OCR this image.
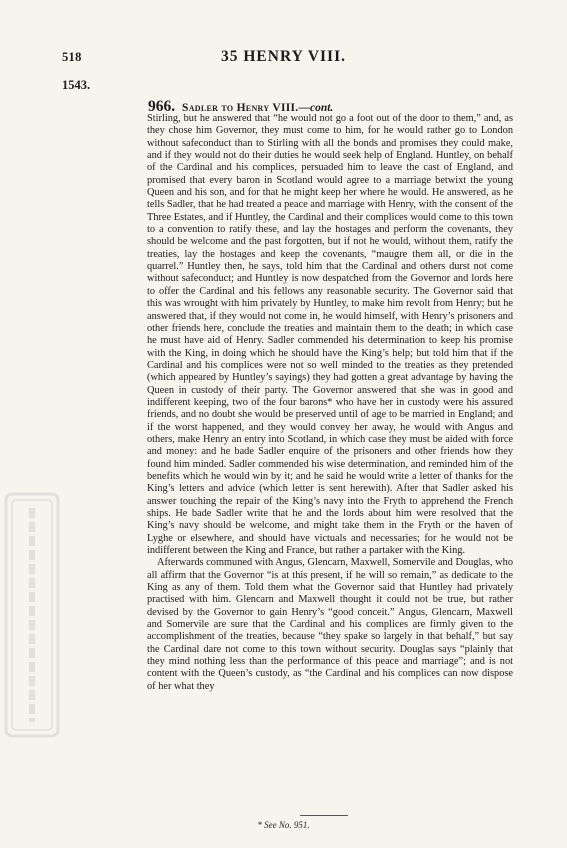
518	35 HENRY VIII.
1543.
966. Sadler to Henry VIII.—cont.

Stirling, but he answered that “he would not go a foot out of the door to them,” and, as they chose him Governor, they must come to him, for he would rather go to London without safeconduct than to Stirling with all the bonds and promises they could make, and if they would not do their duties he would seek help of England. Huntley, on behalf of the Cardinal and his complices, persuaded him to leave the cast of England, and promised that every baron in Scotland would agree to a marriage betwixt the young Queen and his son, and for that he might keep her where he would. He answered, as he tells Sadler, that he had treated a peace and marriage with Henry, with the consent of the Three Estates, and if Huntley, the Cardinal and their complices would come to this town to a convention to ratify these, and lay the hostages and perform the covenants, they should be welcome and the past forgotten, but if not he would, without them, ratify the treaties, lay the hostages and keep the covenants, “maugre them all, or die in the quarrel.” Huntley then, he says, told him that the Cardinal and others durst not come without safeconduct; and Huntley is now despatched from the Governor and lords here to offer the Cardinal and his fellows any reasonable security. The Governor said that this was wrought with him privately by Huntley, to make him revolt from Henry; but he answered that, if they would not come in, he would himself, with Henry’s prisoners and other friends here, conclude the treaties and maintain them to the death; in which case he must have aid of Henry. Sadler commended his determination to keep his promise with the King, in doing which he should have the King’s help; but told him that if the Cardinal and his complices were not so well minded to the treaties as they pretended (which appeared by Huntley’s sayings) they had gotten a great advantage by having the Queen in custody of their party. The Governor answered that she was in good and indifferent keeping, two of the four barons* who have her in custody were his assured friends, and no doubt she would be preserved until of age to be married in England; and if the worst happened, and they would convey her away, he would with Angus and others, make Henry an entry into Scotland, in which case they must be aided with force and money: and he bade Sadler enquire of the prisoners and other friends how they found him minded. Sadler commended his wise determination, and reminded him of the benefits which he would win by it; and he said he would write a letter of thanks for the King’s letters and advice (which letter is sent herewith). After that Sadler asked his answer touching the repair of the King’s navy into the Fryth to apprehend the French ships. He bade Sadler write that he and the lords about him were resolved that the King’s navy should be welcome, and might take them in the Fryth or the haven of Lyghe or elsewhere, and should have victuals and necessaries; for he would not be indifferent between the King and France, but rather a partaker with the King.

Afterwards communed with Angus, Glencarn, Maxwell, Somervile and Douglas, who all affirm that the Governor “is at this present, if he will so remain,” as dedicate to the King as any of them. Told them what the Governor said that Huntley had privately practised with him. Glencarn and Maxwell thought it could not be true, but rather devised by the Governor to gain Henry’s “good conceit.” Angus, Glencarn, Maxwell and Somervile are sure that the Cardinal and his complices are firmly given to the accomplishment of the treaties, because “they spake so largely in that behalf,” but say the Cardinal dare not come to this town without security. Douglas says “plainly that they mind nothing less than the performance of this peace and marriage”; and is not content with the Queen’s custody, as “the Cardinal and his complices can now dispose of her what they

* See No. 951.
